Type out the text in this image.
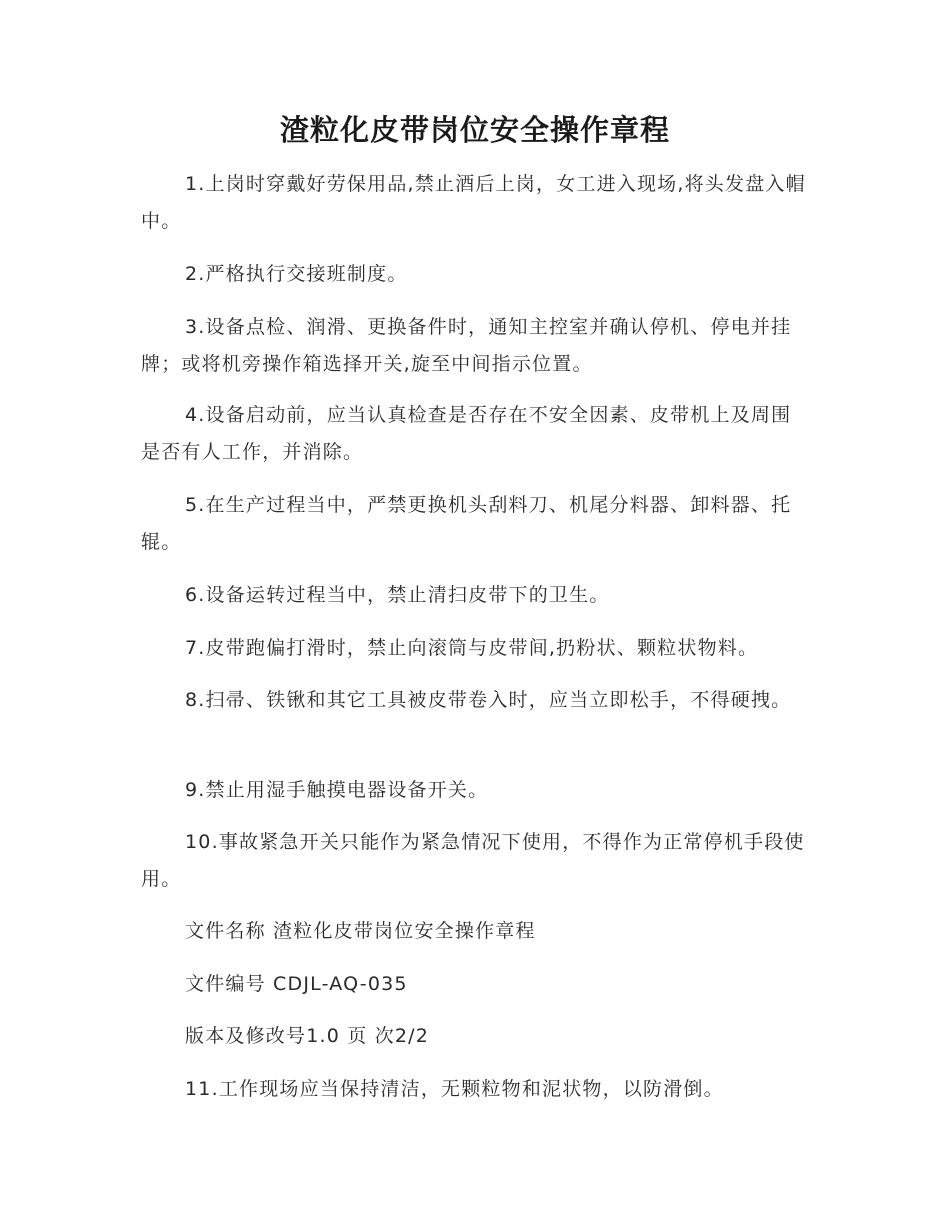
渣粒化皮带岗位安全操作章程

1.上岗时穿戴好劳保用品,禁止酒后上岗，女工进入现场,将头发盘入帽中。

2.严格执行交接班制度。

3.设备点检、润滑、更换备件时，通知主控室并确认停机、停电并挂牌；或将机旁操作箱选择开关,旋至中间指示位置。

4.设备启动前，应当认真检查是否存在不安全因素、皮带机上及周围是否有人工作，并消除。

5.在生产过程当中，严禁更换机头刮料刀、机尾分料器、卸料器、托辊。

6.设备运转过程当中，禁止清扫皮带下的卫生。

7.皮带跑偏打滑时，禁止向滚筒与皮带间,扔粉状、颗粒状物料。

8.扫帚、铁锹和其它工具被皮带卷入时，应当立即松手，不得硬拽。

9.禁止用湿手触摸电器设备开关。

10.事故紧急开关只能作为紧急情况下使用，不得作为正常停机手段使用。

文件名称 渣粒化皮带岗位安全操作章程

文件编号 CDJL-AQ-035

版本及修改号1.0 页 次2/2

11.工作现场应当保持清洁，无颗粒物和泥状物，以防滑倒。
